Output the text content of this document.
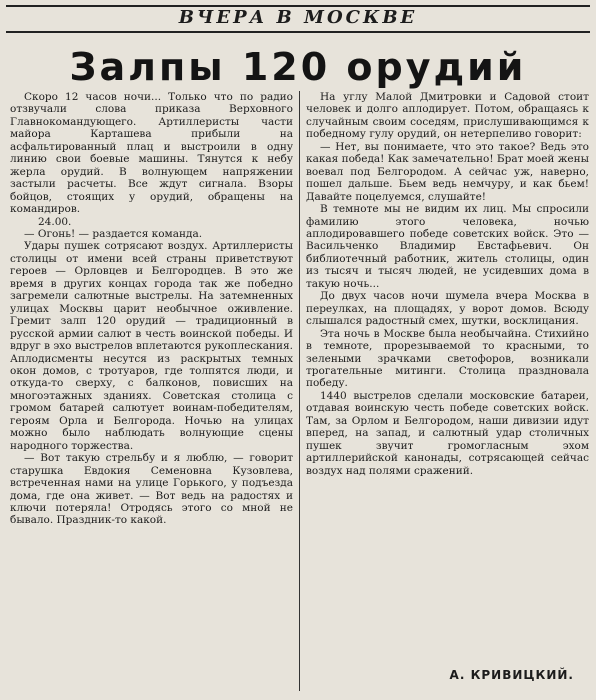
ВЧЕРА В МОСКВЕ
Залпы 120 орудий

Скоро 12 часов ночи... Только что по радио отзвучали слова приказа Верховного Главнокомандующего. Артиллеристы части майора Карташева прибыли на асфальтированный плац и выстроили в одну линию свои боевые машины. Тянутся к небу жерла орудий. В волнующем напряжении застыли расчеты. Все ждут сигнала. Взоры бойцов, стоящих у орудий, обращены на командиров.

24.00.

— Огонь! — раздается команда.

Удары пушек сотрясают воздух. Артиллеристы столицы от имени всей страны приветствуют героев — Орловцев и Белгородцев. В это же время в других концах города так же победно загремели салютные выстрелы. На затемненных улицах Москвы царит необычное оживление. Гремит залп 120 орудий — традиционный в русской армии салют в честь воинской победы. И вдруг в эхо выстрелов вплетаются рукоплескания. Аплодисменты несутся из раскрытых темных окон домов, с тротуаров, где толпятся люди, и откуда-то сверху, с балконов, повисших на многоэтажных зданиях. Советская столица с громом батарей салютует воинам-победителям, героям Орла и Белгорода. Ночью на улицах можно было наблюдать волнующие сцены народного торжества.

— Вот такую стрельбу и я люблю, — говорит старушка Евдокия Семеновна Кузовлева, встреченная нами на улице Горького, у подъезда дома, где она живет. — Вот ведь на радостях и ключи потеряла! Отродясь этого со мной не бывало. Праздник-то какой.

На углу Малой Дмитровки и Садовой стоит человек и долго аплодирует. Потом, обращаясь к случайным своим соседям, прислушивающимся к победному гулу орудий, он нетерпеливо говорит:

— Нет, вы понимаете, что это такое? Ведь это какая победа! Как замечательно! Брат моей жены воевал под Белгородом. А сейчас уж, наверно, пошел дальше. Бьем ведь немчуру, и как бьем! Давайте поцелуемся, слушайте!

В темноте мы не видим их лиц. Мы спросили фамилию этого человека, ночью аплодировавшего победе советских войск. Это — Васильченко Владимир Евстафьевич. Он библиотечный работник, житель столицы, один из тысяч и тысяч людей, не усидевших дома в такую ночь...

До двух часов ночи шумела вчера Москва в переулках, на площадях, у ворот домов. Всюду слышался радостный смех, шутки, восклицания.

Эта ночь в Москве была необычайна. Стихийно в темноте, прорезываемой то красными, то зелеными зрачками светофоров, возникали трогательные митинги. Столица праздновала победу.

1440 выстрелов сделали московские батареи, отдавая воинскую честь победе советских войск. Там, за Орлом и Белгородом, наши дивизии идут вперед, на запад, и салютный удар столичных пушек звучит громогласным эхом артиллерийской канонады, сотрясающей сейчас воздух над полями сражений.

А. КРИВИЦКИЙ.
